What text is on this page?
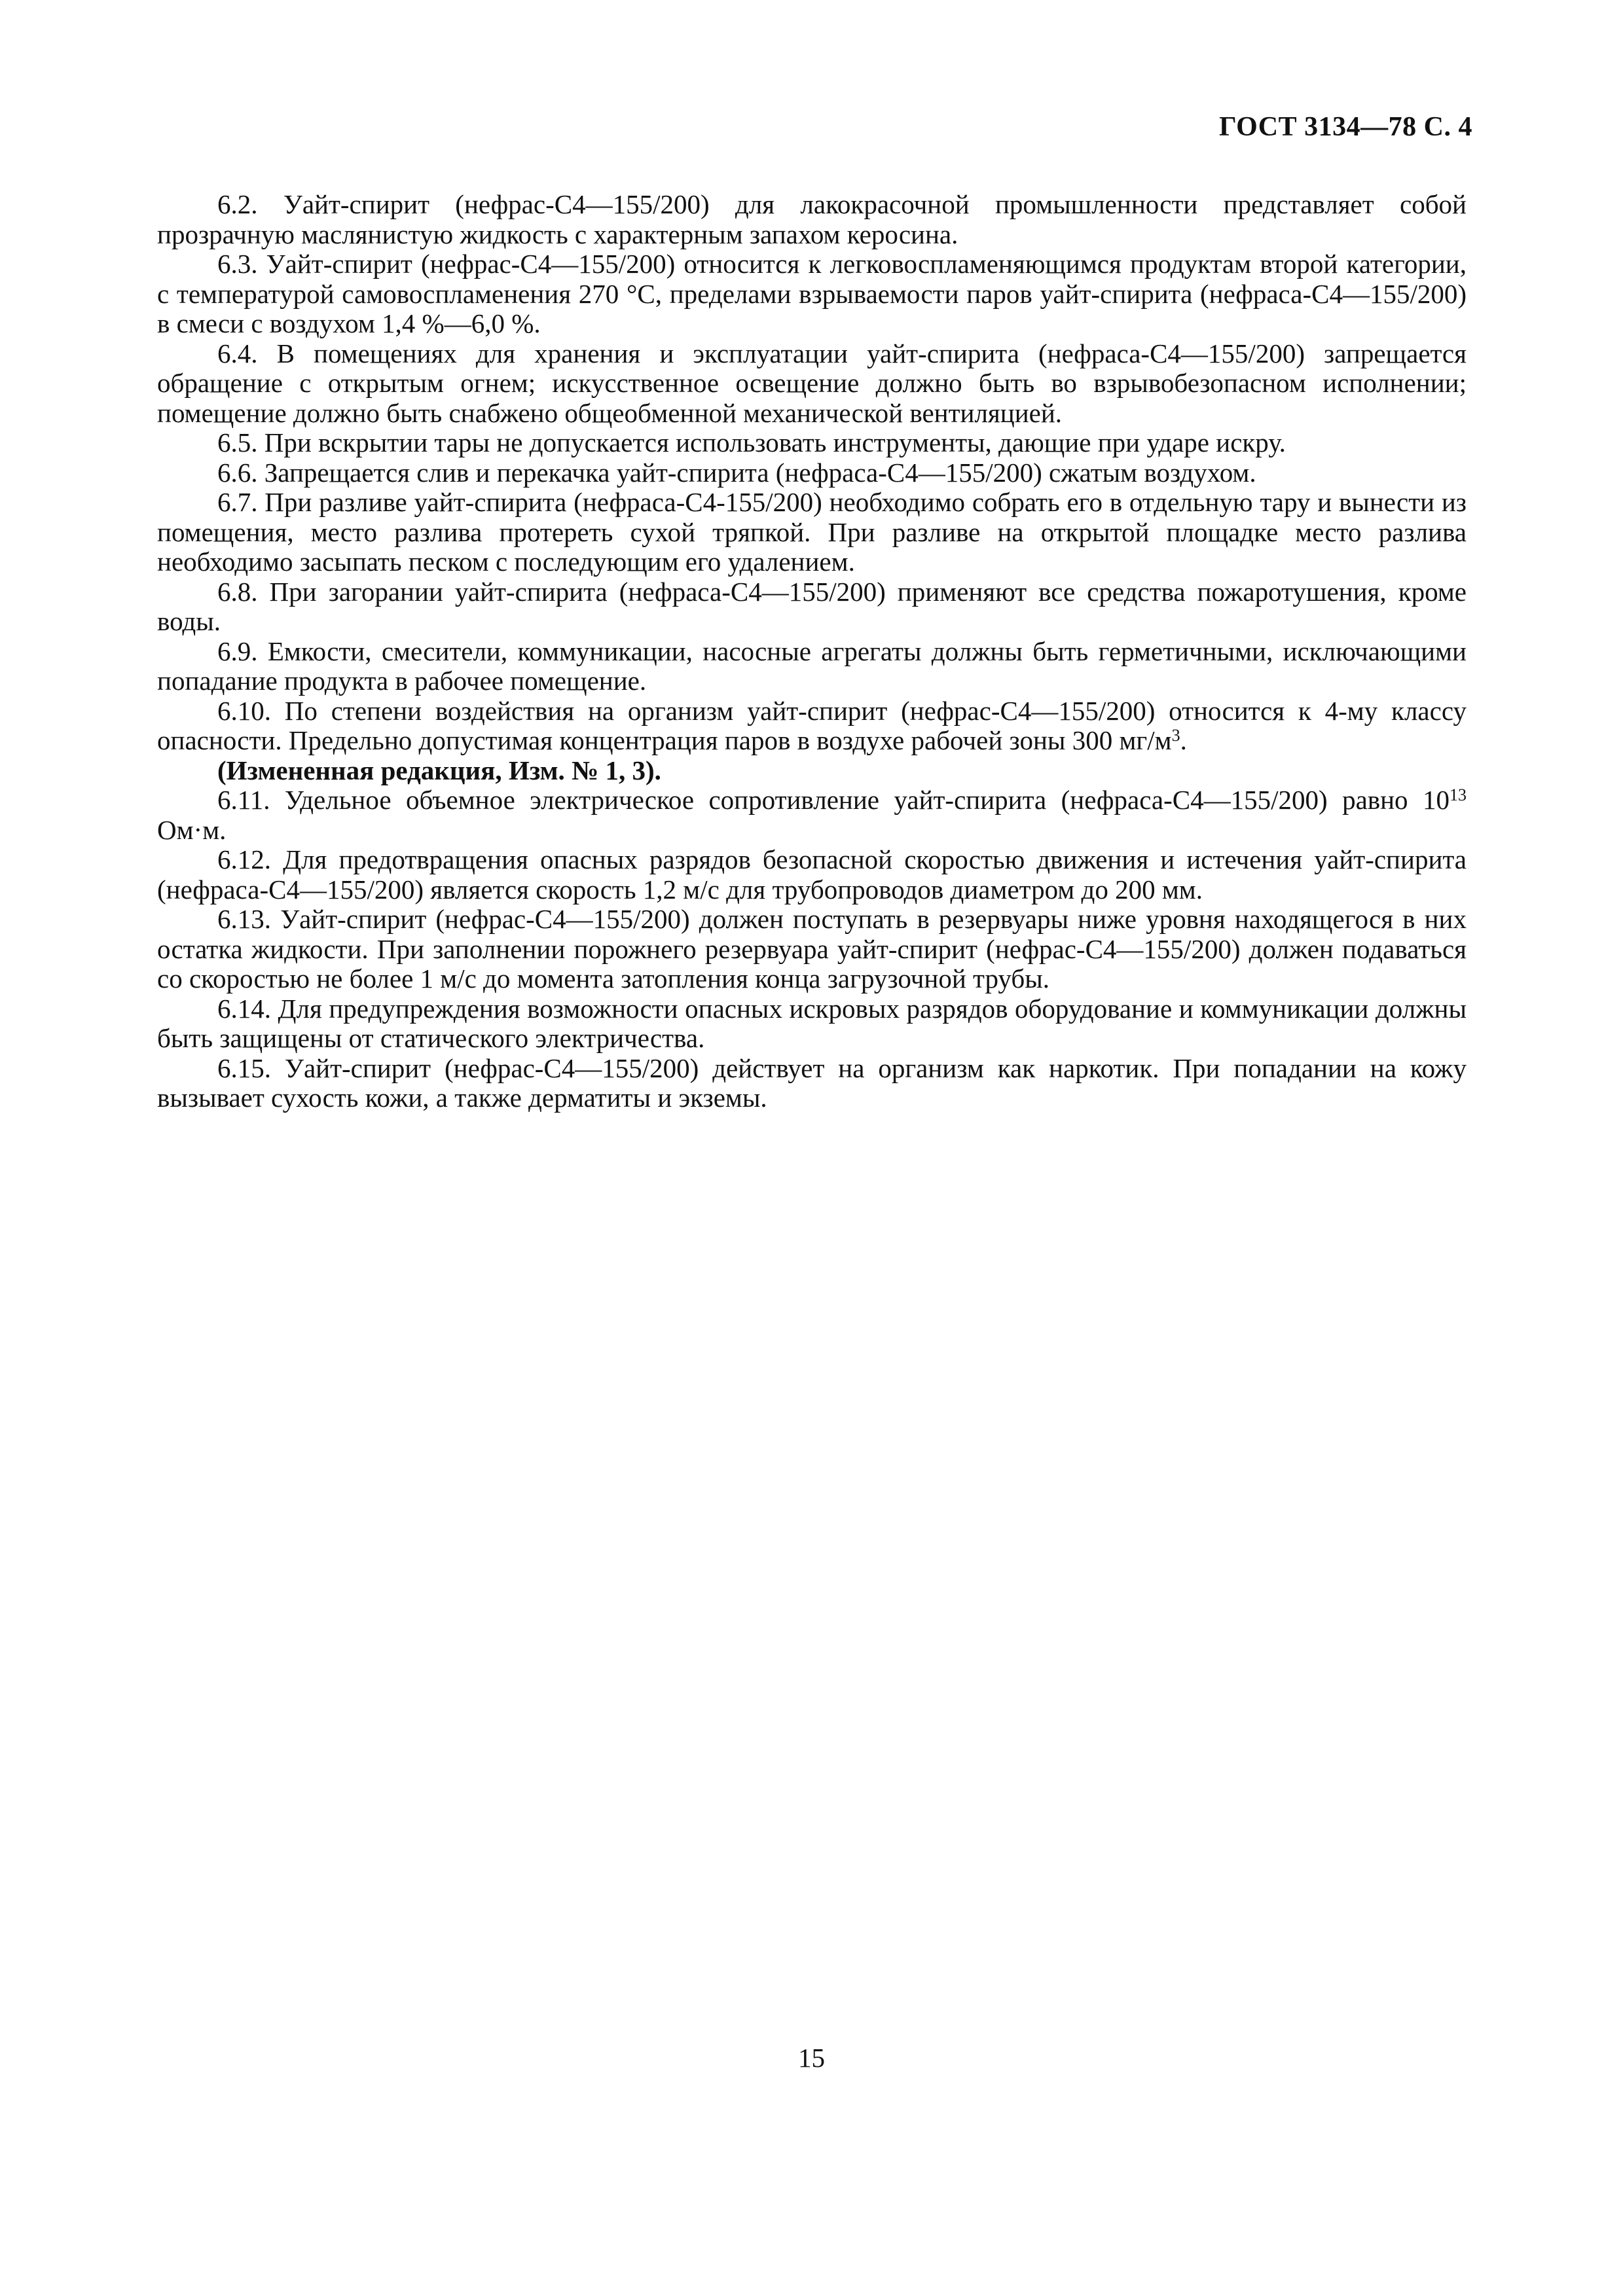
ГОСТ 3134—78 С. 4

6.2. Уайт-спирит (нефрас-С4—155/200) для лакокрасочной промышленности представляет собой прозрачную маслянистую жидкость с характерным запахом керосина.

6.3. Уайт-спирит (нефрас-С4—155/200) относится к легковоспламеняющимся продуктам второй категории, с температурой самовоспламенения 270 °С, пределами взрываемости паров уайт-спирита (нефраса-С4—155/200) в смеси с воздухом 1,4 %—6,0 %.

6.4. В помещениях для хранения и эксплуатации уайт-спирита (нефраса-С4—155/200) запрещается обращение с открытым огнем; искусственное освещение должно быть во взрывобезопасном исполнении; помещение должно быть снабжено общеобменной механической вентиляцией.

6.5. При вскрытии тары не допускается использовать инструменты, дающие при ударе искру.

6.6. Запрещается слив и перекачка уайт-спирита (нефраса-С4—155/200) сжатым воздухом.

6.7. При разливе уайт-спирита (нефраса-С4-155/200) необходимо собрать его в отдельную тару и вынести из помещения, место разлива протереть сухой тряпкой. При разливе на открытой площадке место разлива необходимо засыпать песком с последующим его удалением.

6.8. При загорании уайт-спирита (нефраса-С4—155/200) применяют все средства пожаротушения, кроме воды.

6.9. Емкости, смесители, коммуникации, насосные агрегаты должны быть герметичными, исключающими попадание продукта в рабочее помещение.

6.10. По степени воздействия на организм уайт-спирит (нефрас-С4—155/200) относится к 4-му классу опасности. Предельно допустимая концентрация паров в воздухе рабочей зоны 300 $мг/м^3$.

(Измененная редакция, Изм. № 1, 3).

6.11. Удельное объемное электрическое сопротивление уайт-спирита (нефраса-С4—155/200) равно $10^{13}$ Ом·м.

6.12. Для предотвращения опасных разрядов безопасной скоростью движения и истечения уайт-спирита (нефраса-С4—155/200) является скорость 1,2 м/с для трубопроводов диаметром до 200 мм.

6.13. Уайт-спирит (нефрас-С4—155/200) должен поступать в резервуары ниже уровня находящегося в них остатка жидкости. При заполнении порожнего резервуара уайт-спирит (нефрас-С4—155/200) должен подаваться со скоростью не более 1 м/с до момента затопления конца загрузочной трубы.

6.14. Для предупреждения возможности опасных искровых разрядов оборудование и коммуникации должны быть защищены от статического электричества.

6.15. Уайт-спирит (нефрас-С4—155/200) действует на организм как наркотик. При попадании на кожу вызывает сухость кожи, а также дерматиты и экземы.

15
